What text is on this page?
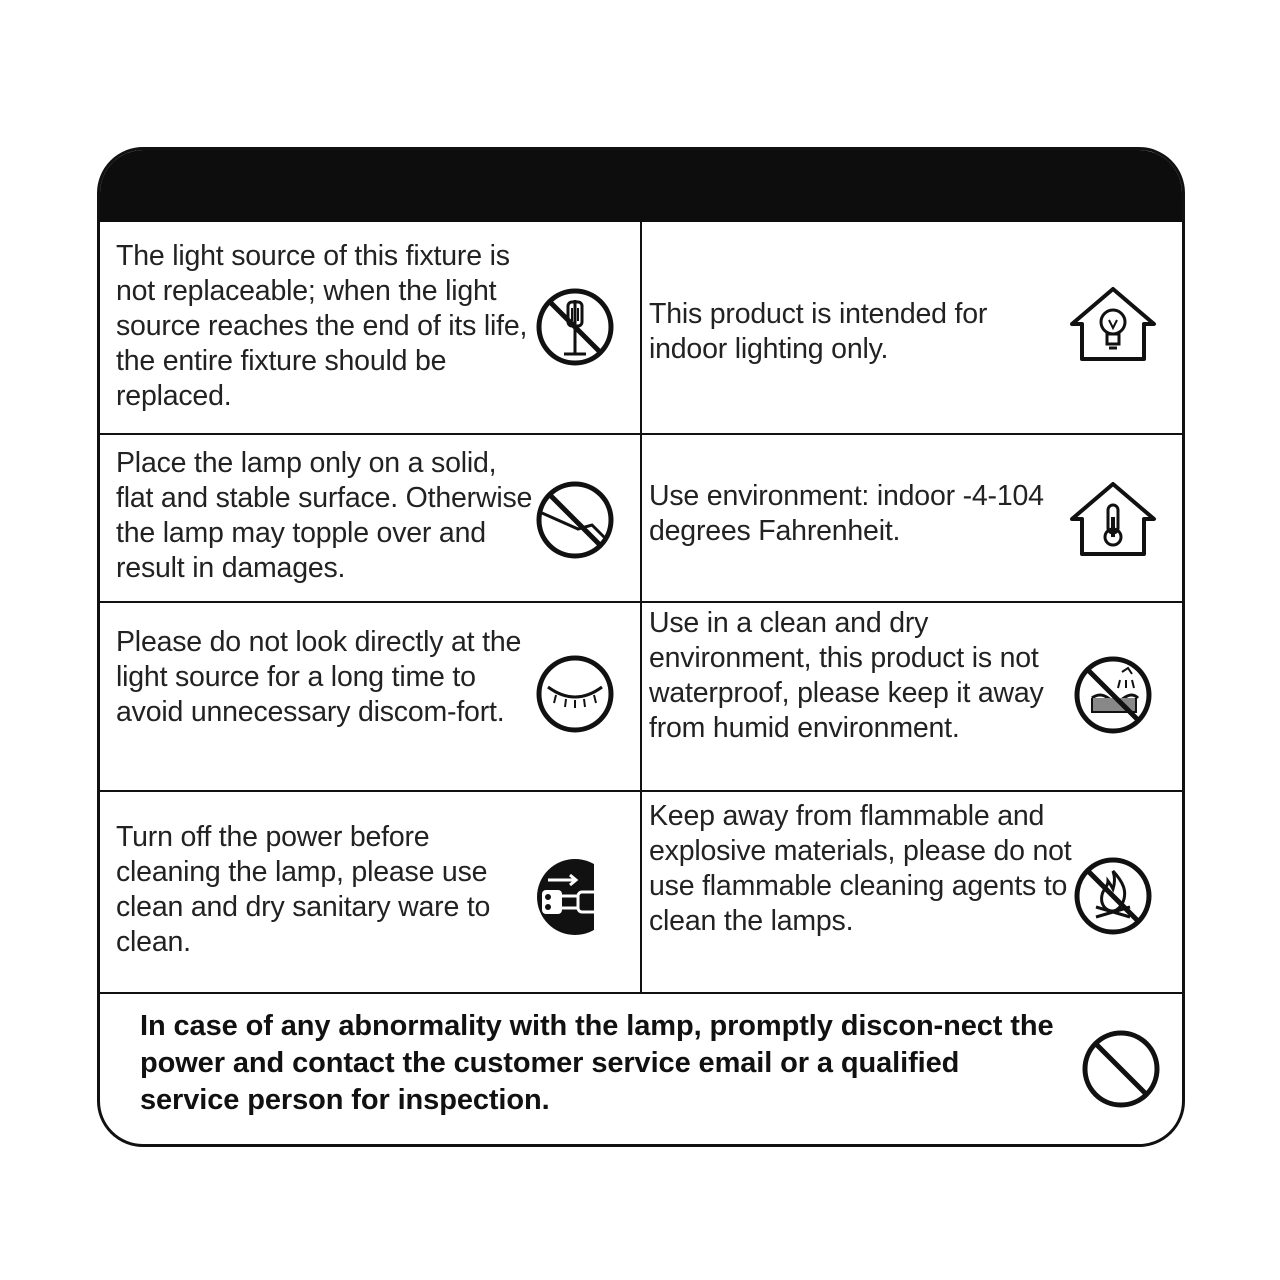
The light source of this fixture is not replaceable; when the light source reaches the end of its life, the entire fixture should be replaced.
This product is intended for indoor lighting only.
Place the lamp only on a solid, flat and stable surface. Otherwise the lamp may topple over and result in damages.
Use environment: indoor -4-104 degrees Fahrenheit.
Please do not look directly at the light source for a long time to avoid unnecessary discom-fort.
Use in a clean and dry environment, this product is not waterproof, please keep it away from humid environment.
Turn off the power before cleaning the lamp, please use clean and dry sanitary ware to clean.
Keep away from flammable and explosive materials, please do not use flammable cleaning agents to clean the lamps.
In case of any abnormality with the lamp, promptly discon-nect the power and contact the customer service email or a qualified service person for inspection.
